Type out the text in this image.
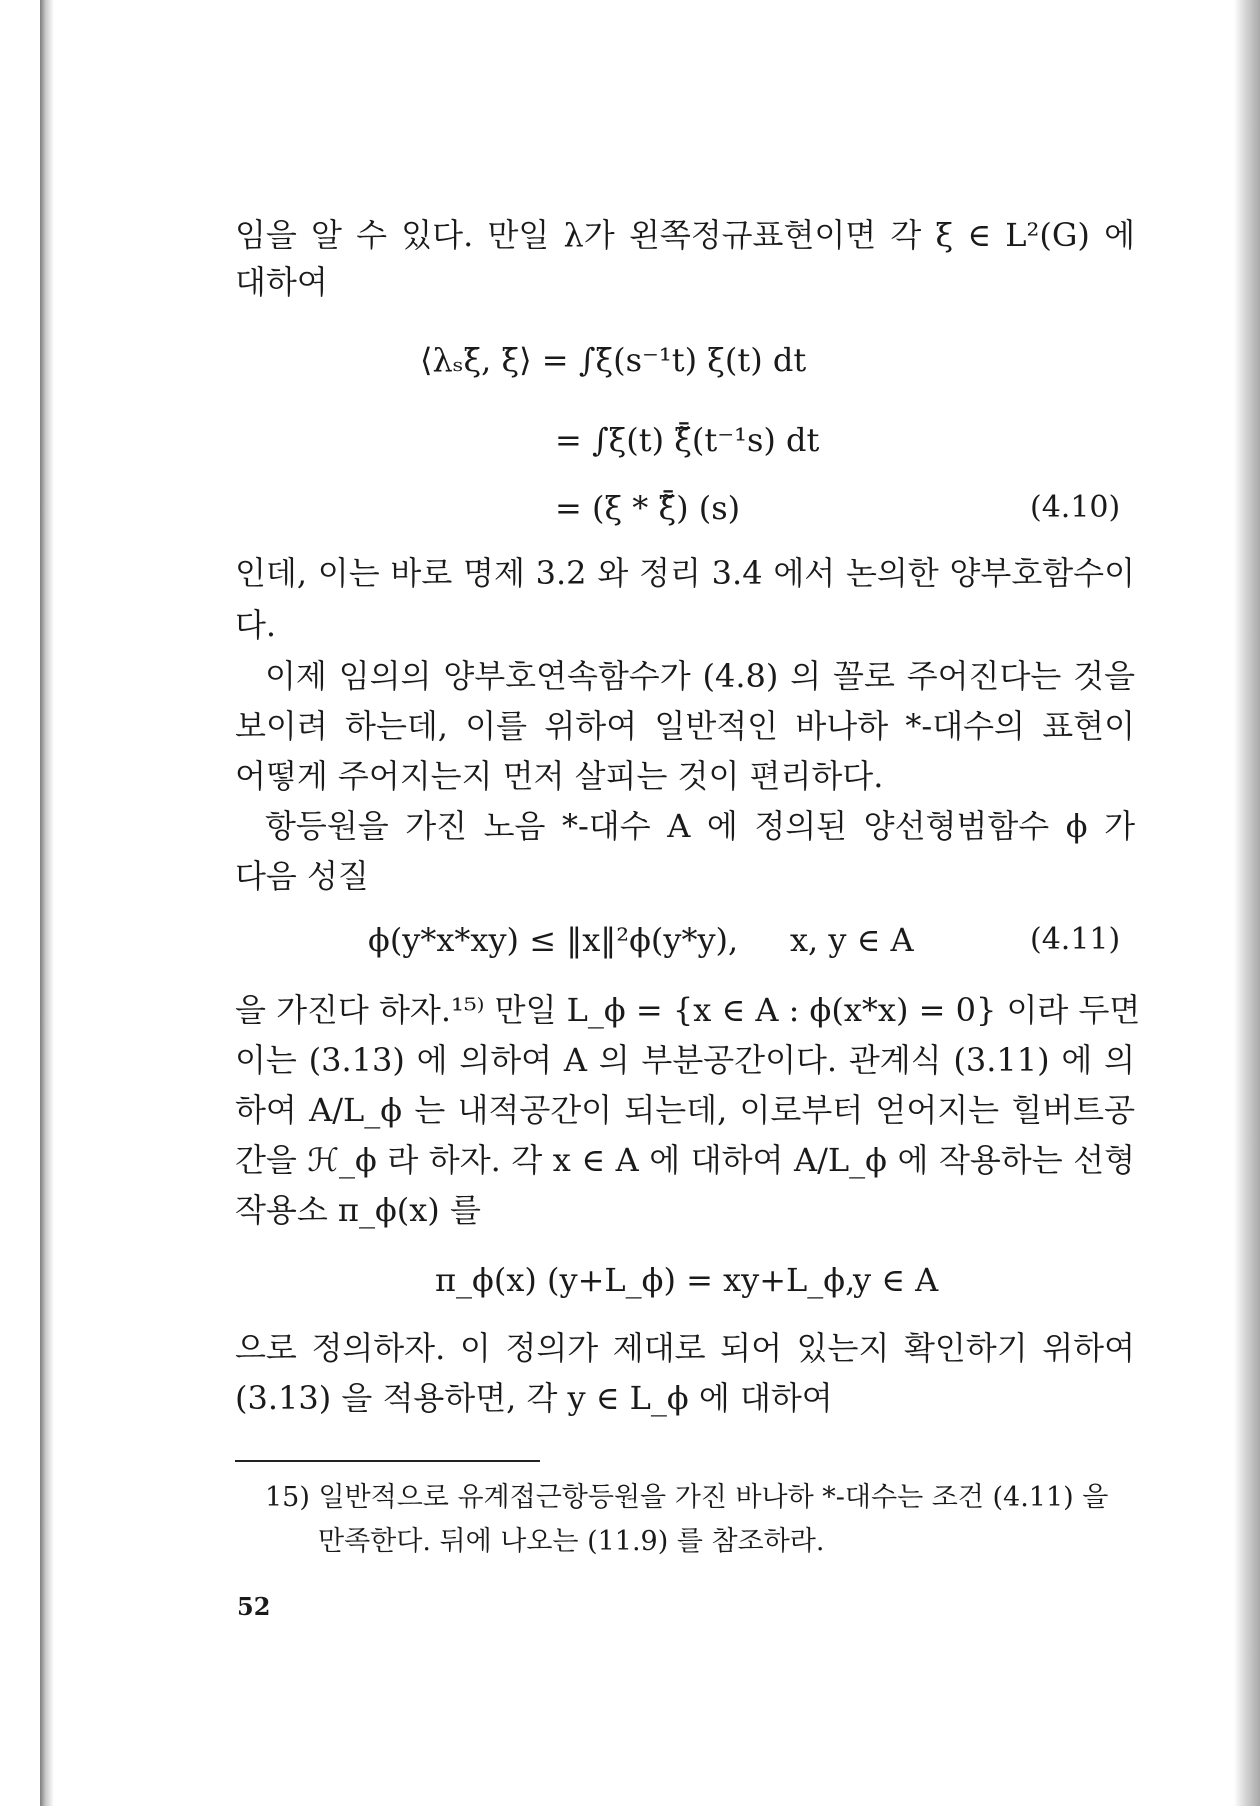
임을 알 수 있다. 만일 λ가 왼쪽정규표현이면 각 ξ ∈ L²(G) 에
대하여
⟨λₛξ̄, ξ̄⟩ = ∫ξ̄(s⁻¹t) ξ(t) dt
= ∫ξ(t) ξ̃̄(t⁻¹s) dt
= (ξ * ξ̃̄) (s)	(4.10)
인데, 이는 바로 명제 3.2 와 정리 3.4 에서 논의한 양부호함수이
다.
이제 임의의 양부호연속함수가 (4.8) 의 꼴로 주어진다는 것을
보이려 하는데, 이를 위하여 일반적인 바나하 *-대수의 표현이
어떻게 주어지는지 먼저 살피는 것이 편리하다.
항등원을 가진 노음 *-대수 A 에 정의된 양선형범함수 ϕ 가
다음 성질
ϕ(y*x*xy) ≤ ‖x‖²ϕ(y*y), x, y ∈ A	(4.11)
을 가진다 하자.¹⁵⁾ 만일 L_ϕ = {x ∈ A : ϕ(x*x) = 0} 이라 두면
이는 (3.13) 에 의하여 A 의 부분공간이다. 관계식 (3.11) 에 의
하여 A/L_ϕ 는 내적공간이 되는데, 이로부터 얻어지는 힐버트공
간을 ℋ_ϕ 라 하자. 각 x ∈ A 에 대하여 A/L_ϕ 에 작용하는 선형
작용소 π_ϕ(x) 를
π_ϕ(x) (y+L_ϕ) = xy+L_ϕ,
y ∈ A
으로 정의하자. 이 정의가 제대로 되어 있는지 확인하기 위하여
(3.13) 을 적용하면, 각 y ∈ L_ϕ 에 대하여
15) 일반적으로 유계접근항등원을 가진 바나하 *-대수는 조건 (4.11) 을
만족한다. 뒤에 나오는 (11.9) 를 참조하라.
52
